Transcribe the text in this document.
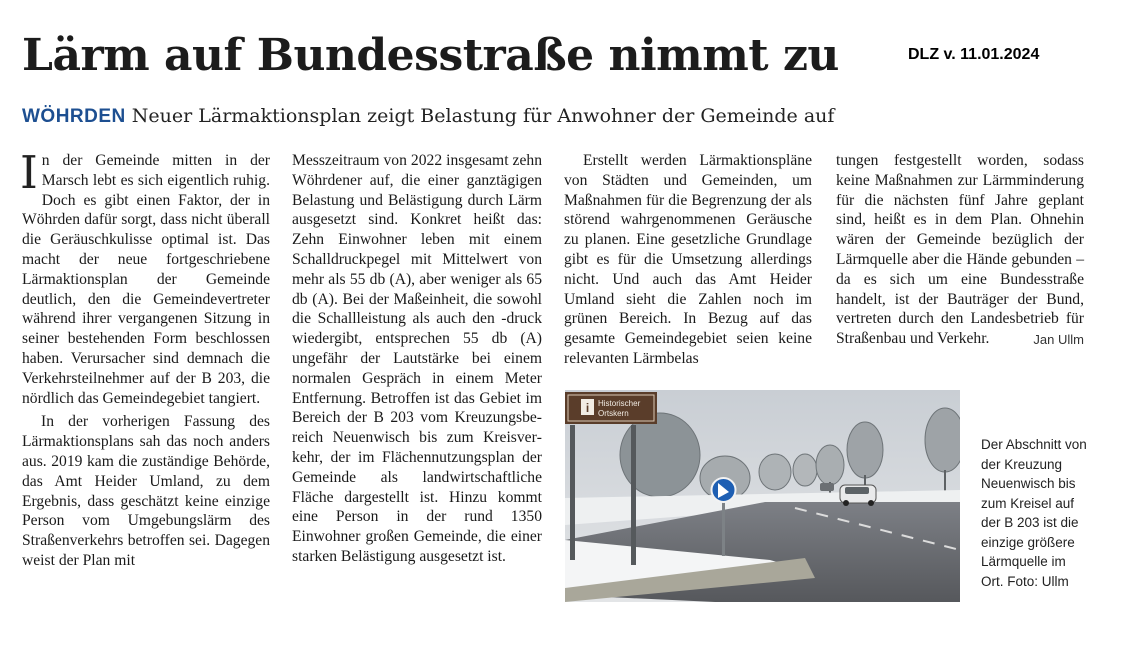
Lärm auf Bundesstraße nimmt zu	DLZ v. 11.01.2024
WÖHRDEN Neuer Lärmaktionsplan zeigt Belastung für Anwohner der Gemeinde auf

In der Gemeinde mitten in der Marsch lebt es sich eigentlich ruhig. Doch es gibt einen Faktor, der in Wöhrden dafür sorgt, dass nicht überall die Geräuschkulisse optimal ist. Das macht der neue fortgeschriebene Lärmaktionsplan der Gemeinde deutlich, den die Gemeindevertreter während ihrer vergangenen Sitzung in seiner bestehenden Form beschlossen haben. Verursacher sind demnach die Verkehrsteilnehmer auf der B 203, die nördlich das Gemeindegebiet tangiert.

In der vorherigen Fassung des Lärmaktionsplans sah das noch anders aus. 2019 kam die zuständige Behörde, das Amt Heider Umland, zu dem Ergebnis, dass geschätzt keine einzige Person vom Umgebungslärm des Straßenverkehrs betroffen sei. Dagegen weist der Plan mit

Messzeitraum von 2022 insgesamt zehn Wöhrdener auf, die einer ganztägigen Belastung und Belästigung durch Lärm ausgesetzt sind. Konkret heißt das: Zehn Einwohner leben mit einem Schalldruckpegel mit Mittelwert von mehr als 55 db (A), aber weniger als 65 db (A). Bei der Maßeinheit, die sowohl die Schallleistung als auch den -druck wiedergibt, entsprechen 55 db (A) ungefähr der Lautstärke bei einem normalen Gespräch in einem Meter Entfernung. Betroffen ist das Gebiet im Bereich der B 203 vom Kreuzungsbereich Neuenwisch bis zum Kreisverkehr, der im Flächennutzungsplan der Gemeinde als landwirtschaftliche Fläche dargestellt ist. Hinzu kommt eine Person in der rund 1350 Einwohner großen Gemeinde, die einer starken Belästigung ausgesetzt ist.

Erstellt werden Lärmaktionspläne von Städten und Gemeinden, um Maßnahmen für die Begrenzung der als störend wahrgenommenen Geräusche zu planen. Eine gesetzliche Grundlage gibt es für die Umsetzung allerdings nicht. Und auch das Amt Heider Umland sieht die Zahlen noch im grünen Bereich. In Bezug auf das gesamte Gemeindegebiet seien keine relevanten Lärmbelas

tungen festgestellt worden, sodass keine Maßnahmen zur Lärmminderung für die nächsten fünf Jahre geplant sind, heißt es in dem Plan. Ohnehin wären der Gemeinde bezüglich der Lärmquelle aber die Hände gebunden – da es sich um eine Bundesstraße handelt, ist der Bauträger der Bund, vertreten durch den Landesbetrieb für Straßenbau und Verkehr.	Jan Ullm
i Historischer
Ortskern

Der Abschnitt von der Kreuzung Neuenwisch bis zum Kreisel auf der B 203 ist die einzige größere Lärmquelle im Ort. Foto: Ullm
